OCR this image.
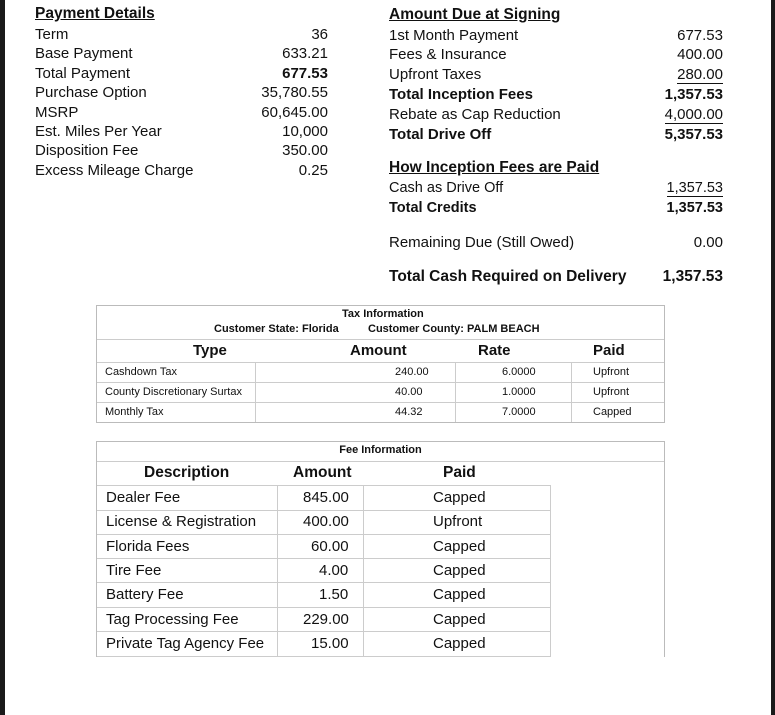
Payment Details
Term	36
Base Payment	633.21
Total Payment	677.53
Purchase Option	35,780.55
MSRP	60,645.00
Est. Miles Per Year	10,000
Disposition Fee	350.00
Excess Mileage Charge	0.25
Amount Due at Signing
1st Month Payment	677.53
Fees & Insurance	400.00
Upfront Taxes	280.00
Total Inception Fees	1,357.53
Rebate as Cap Reduction	4,000.00
Total Drive Off	5,357.53
How Inception Fees are Paid
Cash as Drive Off	1,357.53
Total Credits	1,357.53
Remaining Due (Still Owed)	0.00
Total Cash Required on Delivery 1,357.53
Tax Information
Customer State: Florida	Customer County: PALM BEACH
Type	Amount	Rate	Paid
Cashdown Tax	240.00	6.0000	Upfront
County Discretionary Surtax	40.00	1.0000	Upfront
Monthly Tax	44.32	7.0000	Capped
Fee Information
Description	Amount	Paid
Dealer Fee	845.00	Capped
License & Registration	400.00	Upfront
Florida Fees	60.00	Capped
Tire Fee	4.00	Capped
Battery Fee	1.50	Capped
Tag Processing Fee	229.00	Capped
Private Tag Agency Fee	15.00	Capped
